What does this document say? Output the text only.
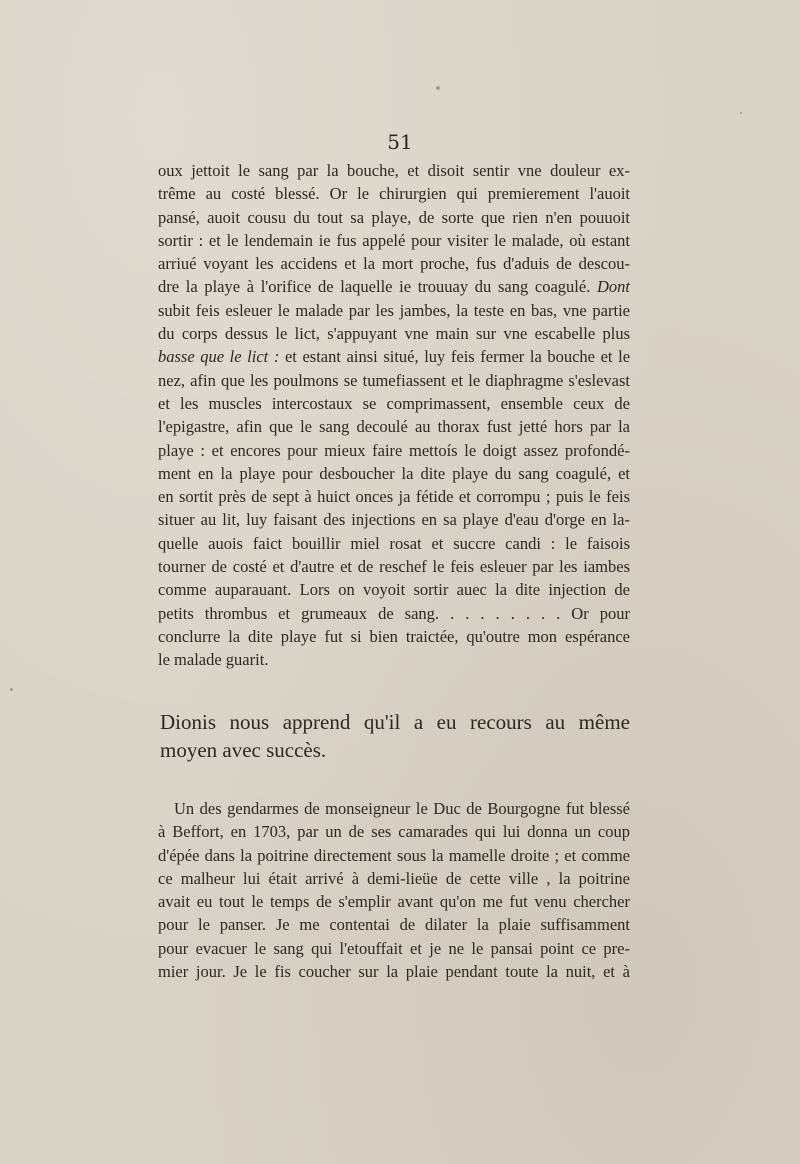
51
oux jettoit le sang par la bouche, et disoit sentir vne douleur ex-
trême au costé blessé. Or le chirurgien qui premierement l'auoit
pansé, auoit cousu du tout sa playe, de sorte que rien n'en pouuoit
sortir : et le lendemain ie fus appelé pour visiter le malade, où estant
arriué voyant les accidens et la mort proche, fus d'aduis de descou-
dre la playe à l'orifice de laquelle ie trouuay du sang coagulé. Dont
subit feis esleuer le malade par les jambes, la teste en bas, vne partie
du corps dessus le lict, s'appuyant vne main sur vne escabelle plus
basse que le lict : et estant ainsi situé, luy feis fermer la bouche et le
nez, afin que les poulmons se tumefiassent et le diaphragme s'eslevast
et les muscles intercostaux se comprimassent, ensemble ceux de
l'epigastre, afin que le sang decoulé au thorax fust jetté hors par la
playe : et encores pour mieux faire mettoís le doigt assez profondé-
ment en la playe pour desboucher la dite playe du sang coagulé, et
en sortit près de sept à huict onces ja fétide et corrompu ; puis le feis
situer au lit, luy faisant des injections en sa playe d'eau d'orge en la-
quelle auois faict bouillir miel rosat et succre candi : le faisois
tourner de costé et d'autre et de reschef le feis esleuer par les iambes
comme auparauant. Lors on voyoit sortir auec la dite injection de
petits thrombus et grumeaux de sang. . . . . . . . . Or pour
conclurre la dite playe fut si bien traictée, qu'outre mon espérance
le malade guarit.
Dionis nous apprend qu'il a eu recours au même
moyen avec succès.
Un des gendarmes de monseigneur le Duc de Bourgogne fut blessé
à Beffort, en 1703, par un de ses camarades qui lui donna un coup
d'épée dans la poitrine directement sous la mamelle droite ; et comme
ce malheur lui était arrivé à demi-lieüe de cette ville , la poitrine
avait eu tout le temps de s'emplir avant qu'on me fut venu chercher
pour le panser. Je me contentai de dilater la plaie suffisamment
pour evacuer le sang qui l'etouffait et je ne le pansai point ce pre-
mier jour. Je le fis coucher sur la plaie pendant toute la nuit, et à
